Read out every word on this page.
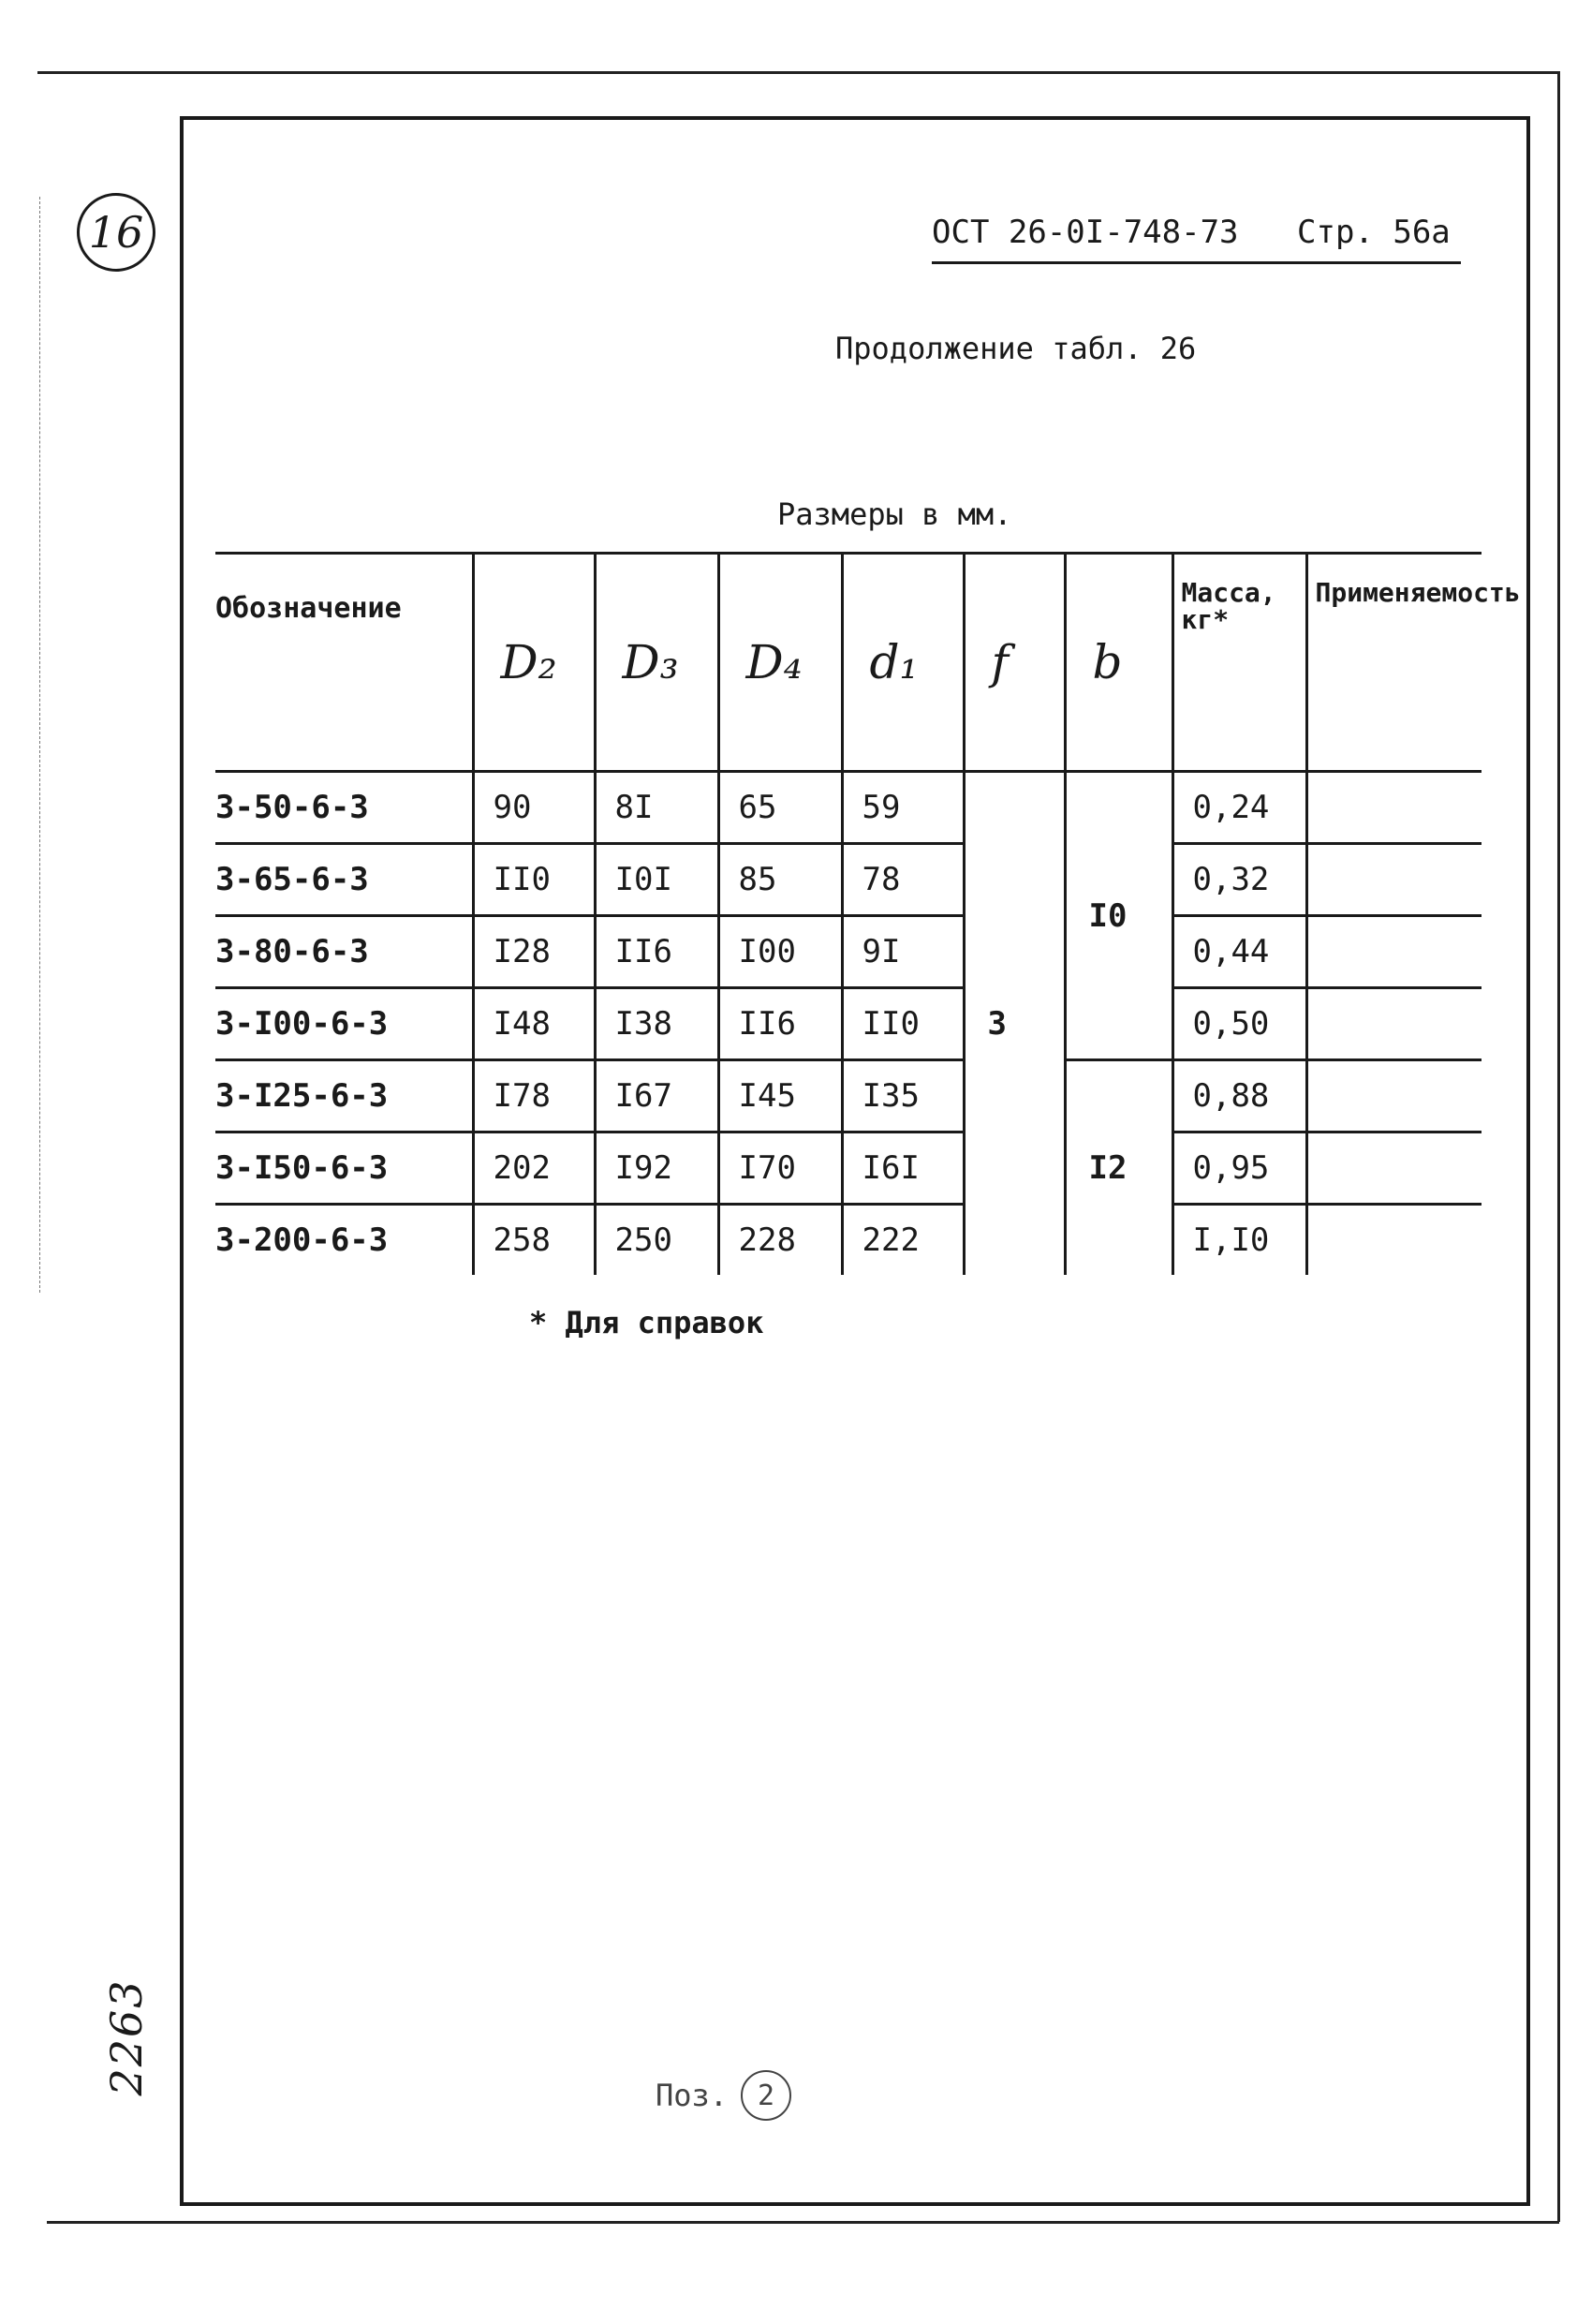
16
2263
ОСТ 26-0I-748-73 Стр. 56а
Продолжение табл. 26
Размеры в мм.
Обозначение	D₂	D₃	D₄	d₁	f	b	Масса, кг*	Применяемость
3-50-6-3	90	8I	65	59	3	I0	0,24	
3-65-6-3	II0	I0I	85	78			0,32	
3-80-6-3	I28	II6	I00	9I			0,44	
3-I00-6-3	I48	I38	II6	II0			0,50	
3-I25-6-3	I78	I67	I45	I35		I2	0,88	
3-I50-6-3	202	I92	I70	I6I			0,95	
3-200-6-3	258	250	228	222			I,I0	
* Для справок
Поз. 2
